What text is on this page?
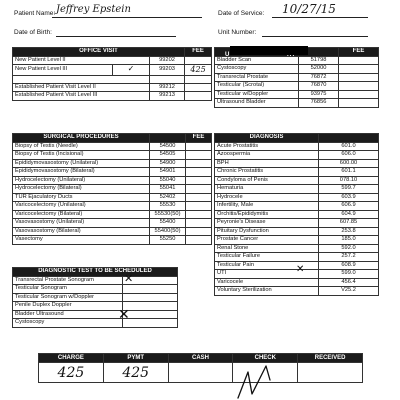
Patient Name: Jeffrey Epstein	Date of Service: 10/27/15
Date of Birth:	Unit Number:
OFFICE VISIT			FEE
New Patient Level II		99202	
New Patient Level III	✓	99203	425

Established Patient Visit Level II		99212	
Established Patient Visit Level III		99213	
U		FEE
Bladder Scan	51798	
Cystoscopy	52000	
Transrectal Prostate	76872	
Testicular (Scrotal)	76870	
Testicular w/Doppler	93975	
Ultrasound Bladder	76856	
SURGICAL PROCEDURES		FEE
Biopsy of Testis (Needle)	54500	
Biopsy of Testis (Incisional)	54505	
Epididymovasostomy (Unilateral)	54900	
Epididymovasostomy (Bilateral)	54901	
Hydrocelectomy (Unilateral)	55040	
Hydrocelectomy (Bilateral)	55041	
TUR Ejaculatory Ducts	52402	
Varicocelectomy (Unilateral)	55530	
Varicocelectomy (Bilateral)	55530(50)	
Vasovasostomy (Unilateral)	55400	
Vasovasostomy (Bilateral)	55400(50)	
Vasectomy	55250	
DIAGNOSIS	
Acute Prostatitis	601.0
Azoospermia	606.0
BPH	600.00
Chronic Prostatitis	601.1
Condyloma of Penis	078.10
Hematuria	599.7
Hydrocele	603.9
Infertility, Male	606.9
Orchitis/Epididymitis	604.9
Peyronie's Disease	607.85
Pituitary Dysfunction	253.8
Prostate Cancer	185.0
Renal Stone	592.0
Testicular Failure	257.2
Testicular Pain	608.9
UTI	599.0
Varicocele	456.4
Voluntary Sterilization	V25.2
✕
DIAGNOSTIC TEST TO BE SCHEDULED	
Transrectal Prostate Sonogram	
Testicular Sonogram	
Testicular Sonogram w/Doppler	
Penile Duplex Doppler	
Bladder Ultrasound	
Cystoscopy	
✕
✕
CHARGE	PYMT	CASH	CHECK	RECEIVED
425	425			
